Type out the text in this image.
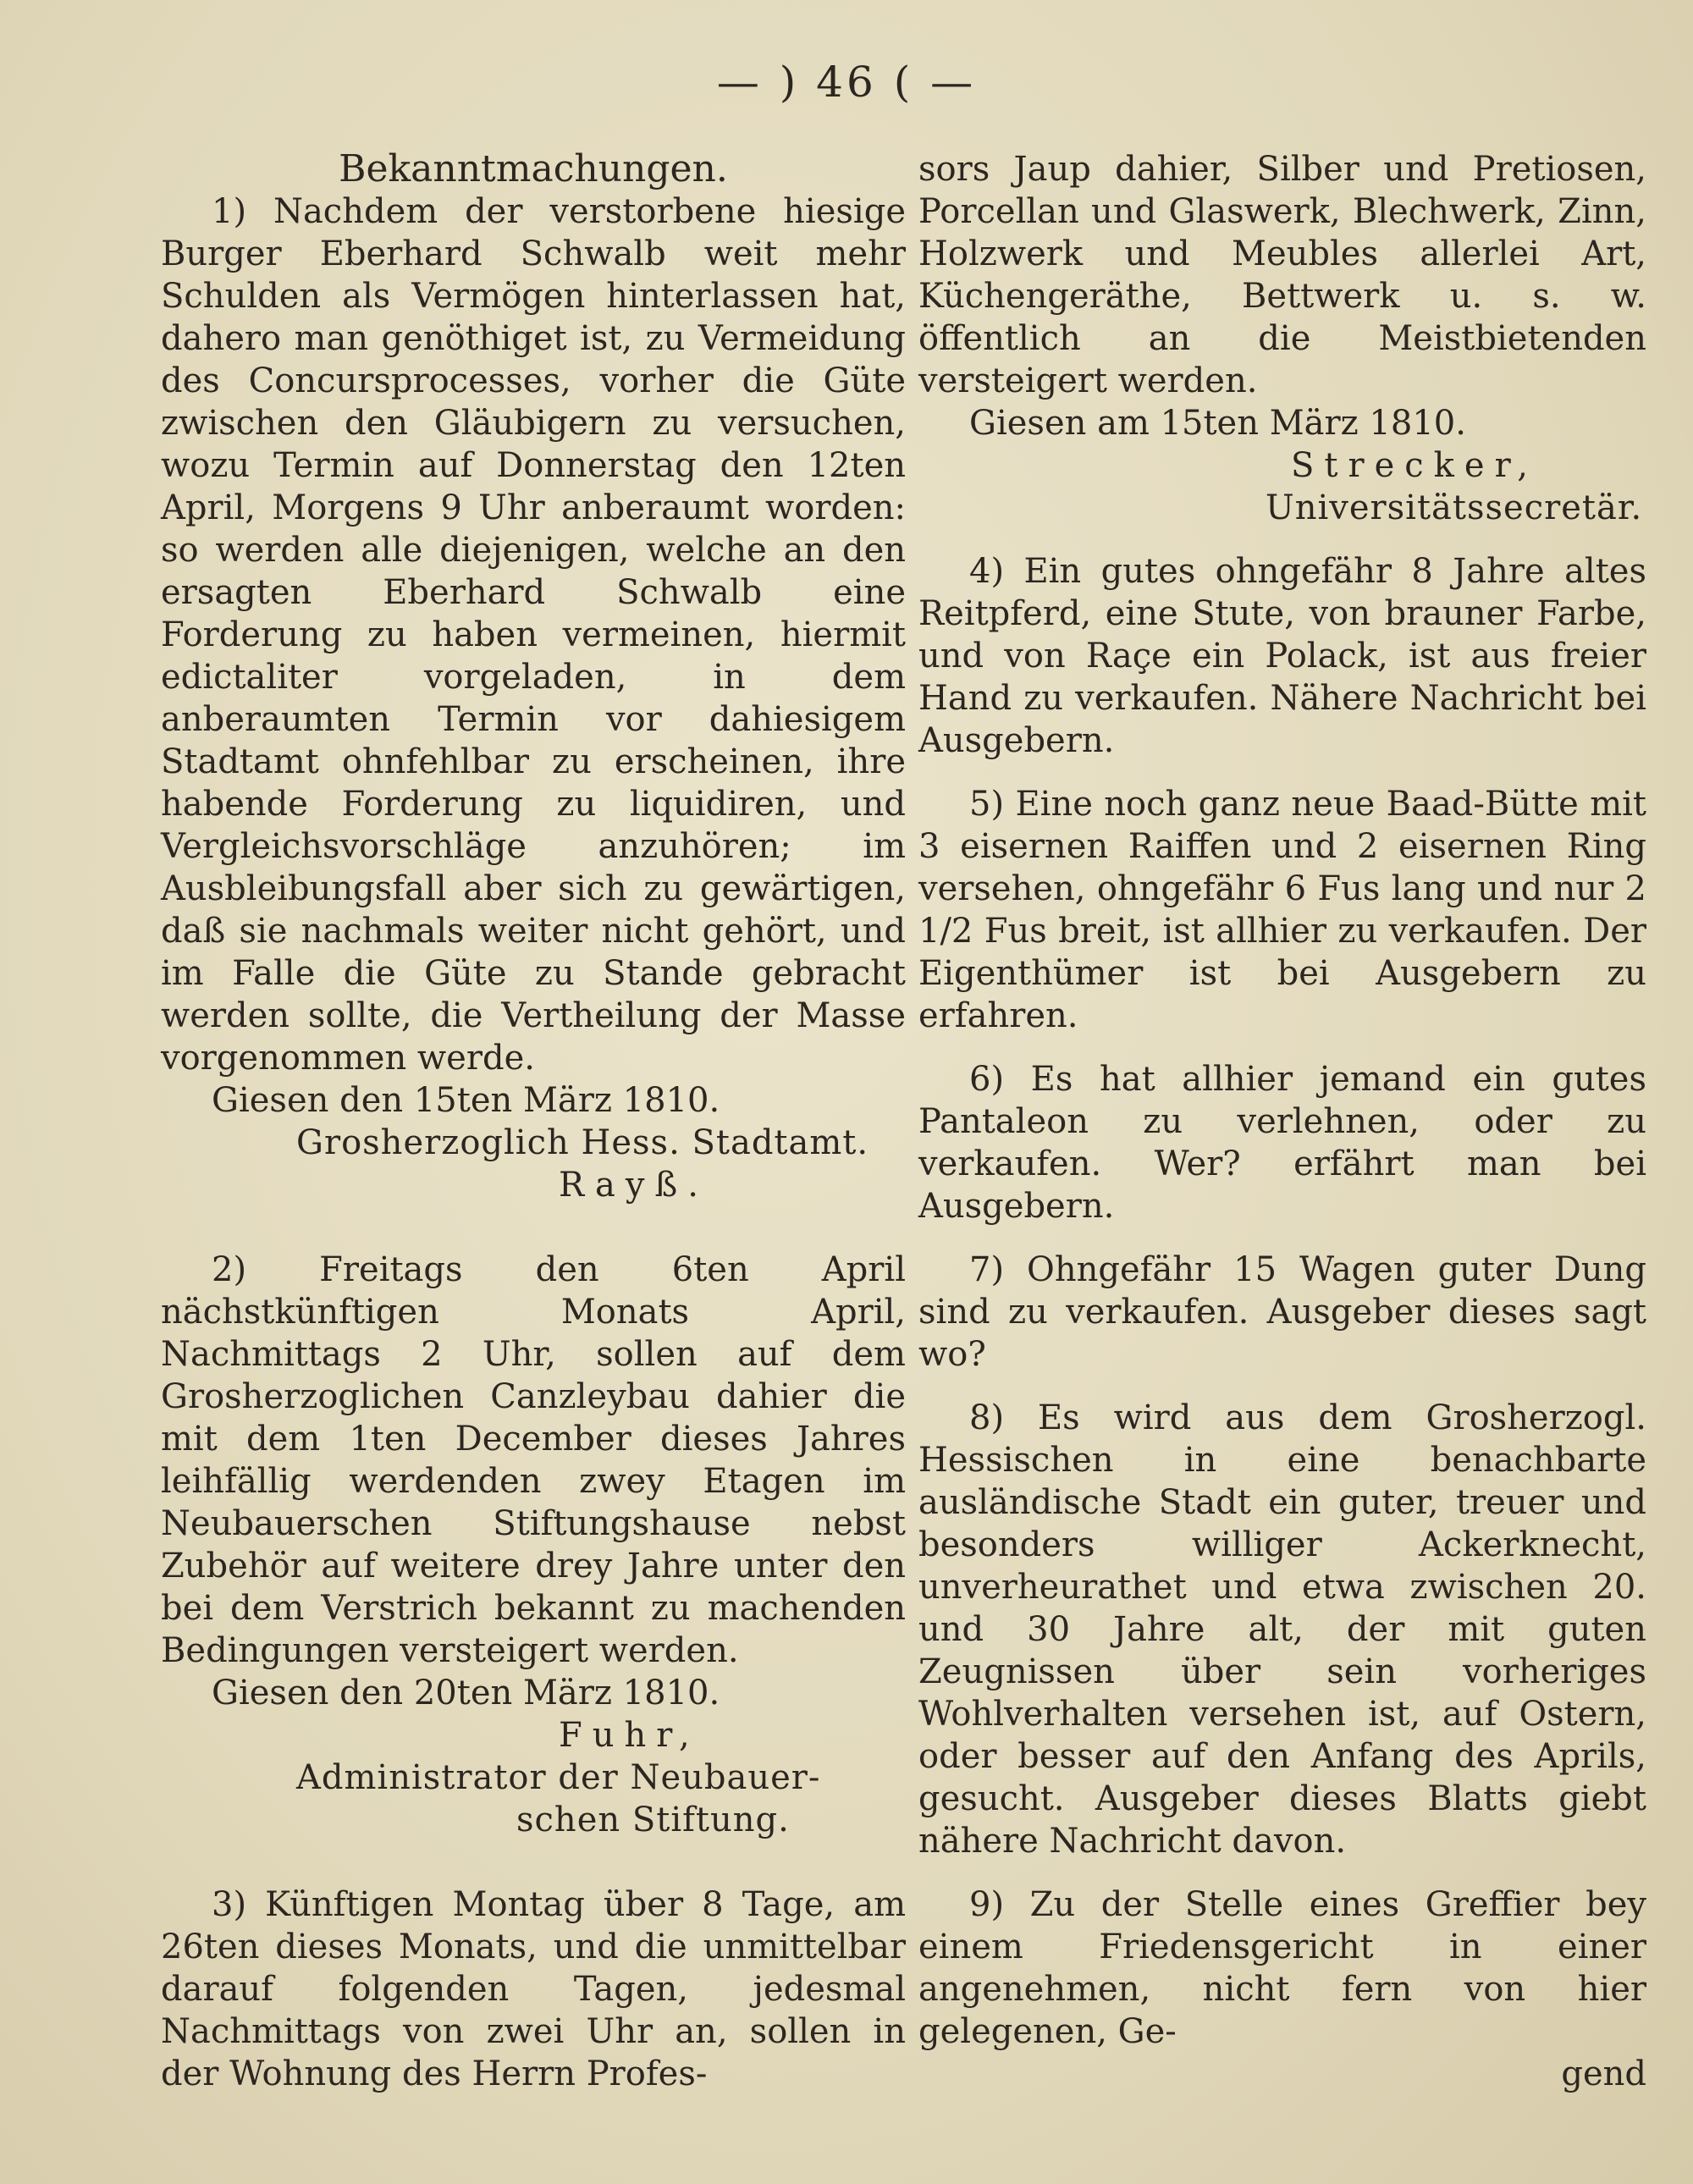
— ) 46 ( —

Bekanntmachungen.

1) Nachdem der verstorbene hiesige Burger Eberhard Schwalb weit mehr Schulden als Vermögen hinterlassen hat, dahero man genöthiget ist, zu Vermeidung des Concursprocesses, vorher die Güte zwischen den Gläubigern zu versuchen, wozu Termin auf Donnerstag den 12ten April, Morgens 9 Uhr anberaumt worden: so werden alle diejenigen, welche an den ersagten Eberhard Schwalb eine Forderung zu haben vermeinen, hiermit edictaliter vorgeladen, in dem anberaumten Termin vor dahiesigem Stadtamt ohnfehlbar zu erscheinen, ihre habende Forderung zu liquidiren, und Vergleichsvorschläge anzuhören; im Ausbleibungsfall aber sich zu gewärtigen, daß sie nachmals weiter nicht gehört, und im Falle die Güte zu Stande gebracht werden sollte, die Vertheilung der Masse vorgenommen werde.

Giesen den 15ten März 1810.

Grosherzoglich Hess. Stadtamt.

Rayß.

2) Freitags den 6ten April nächstkünftigen Monats April, Nachmittags 2 Uhr, sollen auf dem Grosherzoglichen Canzleybau dahier die mit dem 1ten December dieses Jahres leihfällig werdenden zwey Etagen im Neubauerschen Stiftungshause nebst Zubehör auf weitere drey Jahre unter den bei dem Verstrich bekannt zu machenden Bedingungen versteigert werden.

Giesen den 20ten März 1810.

Fuhr,

Administrator der Neubauer-

schen Stiftung.

3) Künftigen Montag über 8 Tage, am 26ten dieses Monats, und die unmittelbar darauf folgenden Tagen, jedesmal Nachmittags von zwei Uhr an, sollen in der Wohnung des Herrn Profes-

sors Jaup dahier, Silber und Pretiosen, Porcellan und Glaswerk, Blechwerk, Zinn, Holzwerk und Meubles allerlei Art, Küchengeräthe, Bettwerk u. s. w. öffentlich an die Meistbietenden versteigert werden.

Giesen am 15ten März 1810.

Strecker,

Universitätssecretär.

4) Ein gutes ohngefähr 8 Jahre altes Reitpferd, eine Stute, von brauner Farbe, und von Raçe ein Polack, ist aus freier Hand zu verkaufen. Nähere Nachricht bei Ausgebern.

5) Eine noch ganz neue Baad-Bütte mit 3 eisernen Raiffen und 2 eisernen Ring versehen, ohngefähr 6 Fus lang und nur 2 1/2 Fus breit, ist allhier zu verkaufen. Der Eigenthümer ist bei Ausgebern zu erfahren.

6) Es hat allhier jemand ein gutes Pantaleon zu verlehnen, oder zu verkaufen. Wer? erfährt man bei Ausgebern.

7) Ohngefähr 15 Wagen guter Dung sind zu verkaufen. Ausgeber dieses sagt wo?

8) Es wird aus dem Grosherzogl. Hessischen in eine benachbarte ausländische Stadt ein guter, treuer und besonders williger Ackerknecht, unverheurathet und etwa zwischen 20. und 30 Jahre alt, der mit guten Zeugnissen über sein vorheriges Wohlverhalten versehen ist, auf Ostern, oder besser auf den Anfang des Aprils, gesucht. Ausgeber dieses Blatts giebt nähere Nachricht davon.

9) Zu der Stelle eines Greffier bey einem Friedensgericht in einer angenehmen, nicht fern von hier gelegenen, Ge-

gend
